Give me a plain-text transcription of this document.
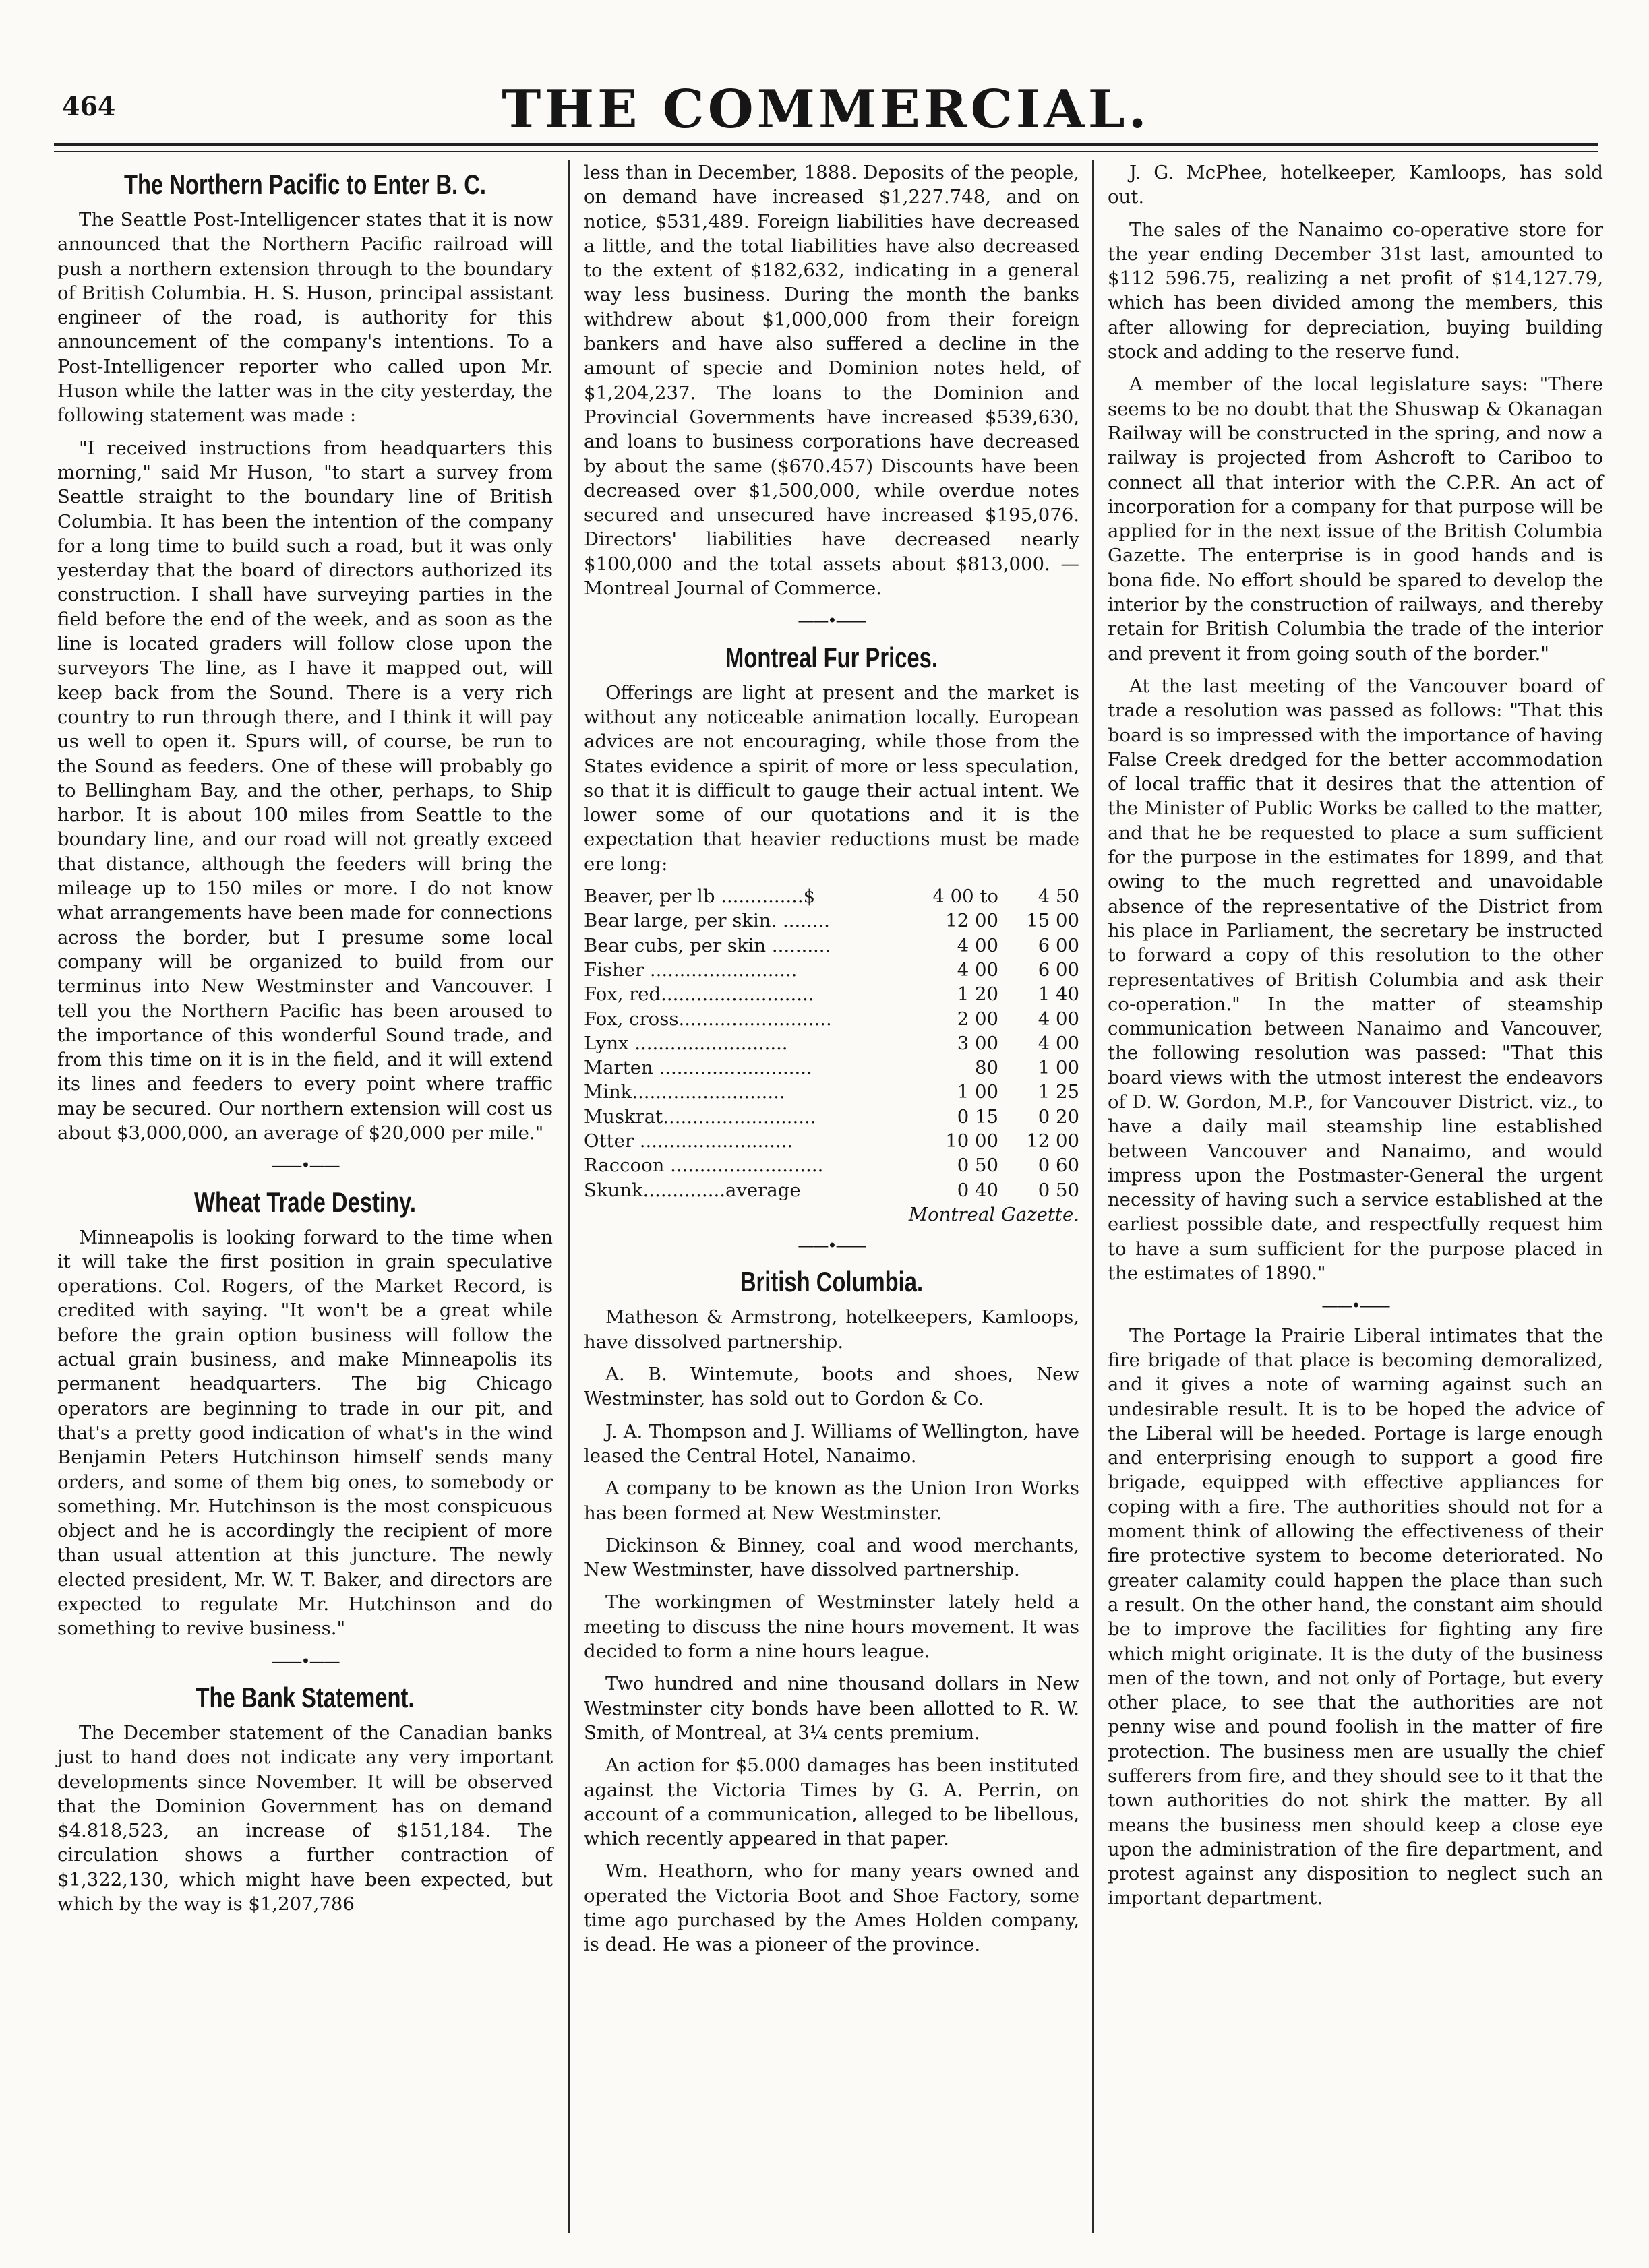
464	THE COMMERCIAL.
The Northern Pacific to Enter B. C.

The Seattle Post-Intelligencer states that it is now announced that the Northern Pacific railroad will push a northern extension through to the boundary of British Columbia. H. S. Huson, principal assistant engineer of the road, is authority for this announcement of the company's intentions. To a Post-Intelligencer reporter who called upon Mr. Huson while the latter was in the city yesterday, the following statement was made :

"I received instructions from headquarters this morning," said Mr Huson, "to start a survey from Seattle straight to the boundary line of British Columbia. It has been the intention of the company for a long time to build such a road, but it was only yesterday that the board of directors authorized its construction. I shall have surveying parties in the field before the end of the week, and as soon as the line is located graders will follow close upon the surveyors The line, as I have it mapped out, will keep back from the Sound. There is a very rich country to run through there, and I think it will pay us well to open it. Spurs will, of course, be run to the Sound as feeders. One of these will probably go to Bellingham Bay, and the other, perhaps, to Ship harbor. It is about 100 miles from Seattle to the boundary line, and our road will not greatly exceed that distance, although the feeders will bring the mileage up to 150 miles or more. I do not know what arrangements have been made for connections across the border, but I presume some local company will be organized to build from our terminus into New Westminster and Vancouver. I tell you the Northern Pacific has been aroused to the importance of this wonderful Sound trade, and from this time on it is in the field, and it will extend its lines and feeders to every point where traffic may be secured. Our northern extension will cost us about $3,000,000, an average of $20,000 per mile."

——•——
Wheat Trade Destiny.

Minneapolis is looking forward to the time when it will take the first position in grain speculative operations. Col. Rogers, of the Market Record, is credited with saying. "It won't be a great while before the grain option business will follow the actual grain business, and make Minneapolis its permanent headquarters. The big Chicago operators are beginning to trade in our pit, and that's a pretty good indication of what's in the wind Benjamin Peters Hutchinson himself sends many orders, and some of them big ones, to somebody or something. Mr. Hutchinson is the most conspicuous object and he is accordingly the recipient of more than usual attention at this juncture. The newly elected president, Mr. W. T. Baker, and directors are expected to regulate Mr. Hutchinson and do something to revive business."

——•——
The Bank Statement.

The December statement of the Canadian banks just to hand does not indicate any very important developments since November. It will be observed that the Dominion Government has on demand $4.818,523, an increase of $151,184. The circulation shows a further contraction of $1,322,130, which might have been expected, but which by the way is $1,207,786

less than in December, 1888. Deposits of the people, on demand have increased $1,227.748, and on notice, $531,489. Foreign liabilities have decreased a little, and the total liabilities have also decreased to the extent of $182,632, indicating in a general way less business. During the month the banks withdrew about $1,000,000 from their foreign bankers and have also suffered a decline in the amount of specie and Dominion notes held, of $1,204,237. The loans to the Dominion and Provincial Governments have increased $539,630, and loans to business corporations have decreased by about the same ($670.457) Discounts have been decreased over $1,500,000, while overdue notes secured and unsecured have increased $195,076. Directors' liabilities have decreased nearly $100,000 and the total assets about $813,000. —Montreal Journal of Commerce.

——•——
Montreal Fur Prices.

Offerings are light at present and the market is without any noticeable animation locally. European advices are not encouraging, while those from the States evidence a spirit of more or less speculation, so that it is difficult to gauge their actual intent. We lower some of our quotations and it is the expectation that heavier reductions must be made ere long:

Beaver, per lb ..............$	4 00 to	4 50
Bear large, per skin. ........	12 00	15 00
Bear cubs, per skin ..........	4 00	6 00
Fisher .........................	4 00	6 00
Fox, red..........................	1 20	1 40
Fox, cross..........................	2 00	4 00
Lynx ..........................	3 00	4 00
Marten ..........................	80	1 00
Mink..........................	1 00	1 25
Muskrat..........................	0 15	0 20
Otter ..........................	10 00	12 00
Raccoon ..........................	0 50	0 60
Skunk..............average	0 40	0 50
Montreal Gazette.
——•——
British Columbia.

Matheson & Armstrong, hotelkeepers, Kamloops, have dissolved partnership.

A. B. Wintemute, boots and shoes, New Westminster, has sold out to Gordon & Co.

J. A. Thompson and J. Williams of Wellington, have leased the Central Hotel, Nanaimo.

A company to be known as the Union Iron Works has been formed at New Westminster.

Dickinson & Binney, coal and wood merchants, New Westminster, have dissolved partnership.

The workingmen of Westminster lately held a meeting to discuss the nine hours movement. It was decided to form a nine hours league.

Two hundred and nine thousand dollars in New Westminster city bonds have been allotted to R. W. Smith, of Montreal, at 3¼ cents premium.

An action for $5.000 damages has been instituted against the Victoria Times by G. A. Perrin, on account of a communication, alleged to be libellous, which recently appeared in that paper.

Wm. Heathorn, who for many years owned and operated the Victoria Boot and Shoe Factory, some time ago purchased by the Ames Holden company, is dead. He was a pioneer of the province.

J. G. McPhee, hotelkeeper, Kamloops, has sold out.

The sales of the Nanaimo co-operative store for the year ending December 31st last, amounted to $112 596.75, realizing a net profit of $14,127.79, which has been divided among the members, this after allowing for depreciation, buying building stock and adding to the reserve fund.

A member of the local legislature says: "There seems to be no doubt that the Shuswap & Okanagan Railway will be constructed in the spring, and now a railway is projected from Ashcroft to Cariboo to connect all that interior with the C.P.R. An act of incorporation for a company for that purpose will be applied for in the next issue of the British Columbia Gazette. The enterprise is in good hands and is bona fide. No effort should be spared to develop the interior by the construction of railways, and thereby retain for British Columbia the trade of the interior and prevent it from going south of the border."

At the last meeting of the Vancouver board of trade a resolution was passed as follows: "That this board is so impressed with the importance of having False Creek dredged for the better accommodation of local traffic that it desires that the attention of the Minister of Public Works be called to the matter, and that he be requested to place a sum sufficient for the purpose in the estimates for 1899, and that owing to the much regretted and unavoidable absence of the representative of the District from his place in Parliament, the secretary be instructed to forward a copy of this resolution to the other representatives of British Columbia and ask their co-operation." In the matter of steamship communication between Nanaimo and Vancouver, the following resolution was passed: "That this board views with the utmost interest the endeavors of D. W. Gordon, M.P., for Vancouver District. viz., to have a daily mail steamship line established between Vancouver and Nanaimo, and would impress upon the Postmaster-General the urgent necessity of having such a service established at the earliest possible date, and respectfully request him to have a sum sufficient for the purpose placed in the estimates of 1890."

——•——

The Portage la Prairie Liberal intimates that the fire brigade of that place is becoming demoralized, and it gives a note of warning against such an undesirable result. It is to be hoped the advice of the Liberal will be heeded. Portage is large enough and enterprising enough to support a good fire brigade, equipped with effective appliances for coping with a fire. The authorities should not for a moment think of allowing the effectiveness of their fire protective system to become deteriorated. No greater calamity could happen the place than such a result. On the other hand, the constant aim should be to improve the facilities for fighting any fire which might originate. It is the duty of the business men of the town, and not only of Portage, but every other place, to see that the authorities are not penny wise and pound foolish in the matter of fire protection. The business men are usually the chief sufferers from fire, and they should see to it that the town authorities do not shirk the matter. By all means the business men should keep a close eye upon the administration of the fire department, and protest against any disposition to neglect such an important department.
